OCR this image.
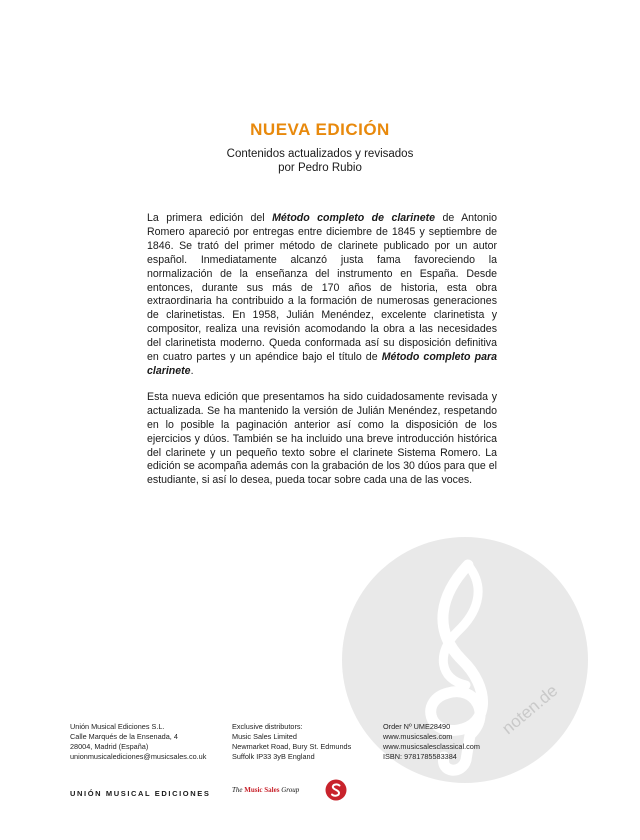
NUEVA EDICIÓN
Contenidos actualizados y revisados
por Pedro Rubio

La primera edición del Método completo de clarinete de Antonio Romero apareció por entregas entre diciembre de 1845 y septiembre de 1846. Se trató del primer método de clarinete publicado por un autor español. Inmediatamente alcanzó justa fama favoreciendo la normalización de la enseñanza del instrumento en España. Desde entonces, durante sus más de 170 años de historia, esta obra extraordinaria ha contribuido a la formación de numerosas generaciones de clarinetistas. En 1958, Julián Menéndez, excelente clarinetista y compositor, realiza una revisión acomodando la obra a las necesidades del clarinetista moderno. Queda conformada así su disposición definitiva en cuatro partes y un apéndice bajo el título de Método completo para clarinete.

Esta nueva edición que presentamos ha sido cuidadosamente revisada y actualizada. Se ha mantenido la versión de Julián Menéndez, respetando en lo posible la paginación anterior así como la disposición de los ejercicios y dúos. También se ha incluido una breve introducción histórica del clarinete y un pequeño texto sobre el clarinete Sistema Romero. La edición se acompaña además con la grabación de los 30 dúos para que el estudiante, si así lo desea, pueda tocar sobre cada una de las voces.

noten.de
Unión Musical Ediciones S.L.
Calle Marqués de la Ensenada, 4
28004, Madrid (España)
unionmusicalediciones@musicsales.co.uk
Exclusive distributors:
Music Sales Limited
Newmarket Road, Bury St. Edmunds
Suffolk IP33 3yB England
Order Nº UME28490
www.musicsales.com
www.musicsalesclassical.com
ISBN: 9781785583384
UNIÓN MUSICAL EDICIONES	The Music Sales Group
